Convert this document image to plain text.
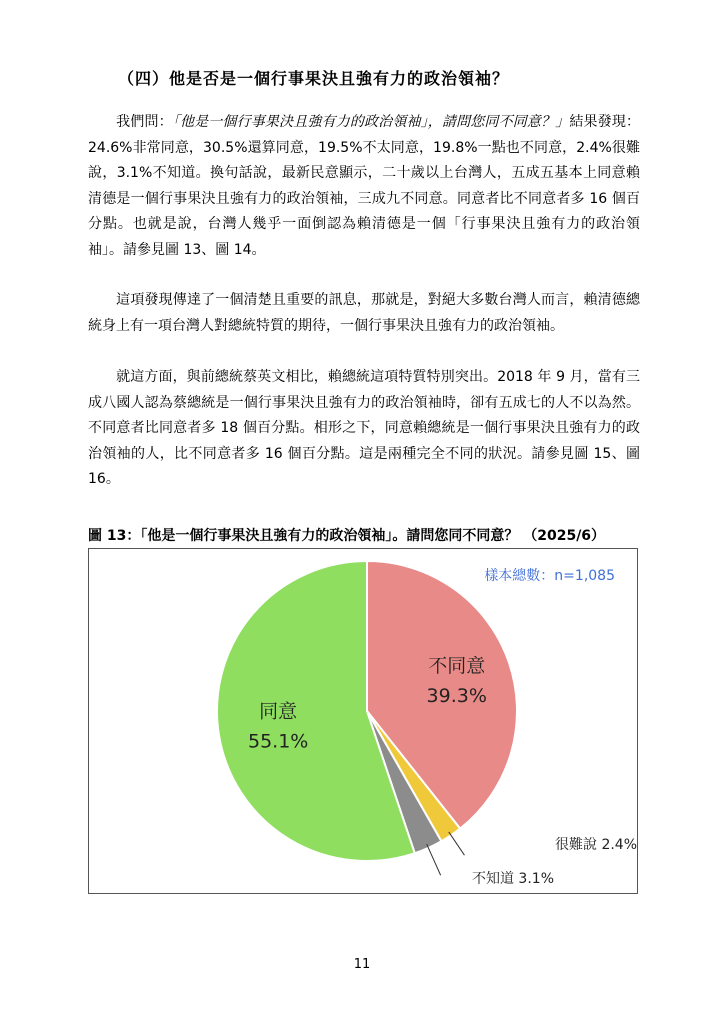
（四）他是否是一個行事果決且強有力的政治領袖？
我們問：「他是一個行事果決且強有力的政治領袖」，請問您同不同意？」結果發現：24.6%非常同意，30.5%還算同意，19.5%不太同意，19.8%一點也不同意，2.4%很難說，3.1%不知道。換句話說，最新民意顯示，二十歲以上台灣人，五成五基本上同意賴清德是一個行事果決且強有力的政治領袖，三成九不同意。同意者比不同意者多 16 個百分點。也就是說，台灣人幾乎一面倒認為賴清德是一個「行事果決且強有力的政治領袖」。請參見圖 13、圖 14。
這項發現傳達了一個清楚且重要的訊息，那就是，對絕大多數台灣人而言，賴清德總統身上有一項台灣人對總統特質的期待，一個行事果決且強有力的政治領袖。
就這方面，與前總統蔡英文相比，賴總統這項特質特別突出。2018 年 9 月，當有三成八國人認為蔡總統是一個行事果決且強有力的政治領袖時，卻有五成七的人不以為然。不同意者比同意者多 18 個百分點。相形之下，同意賴總統是一個行事果決且強有力的政治領袖的人，比不同意者多 16 個百分點。這是兩種完全不同的狀況。請參見圖 15、圖 16。
圖 13：「他是一個行事果決且強有力的政治領袖」。請問您同不同意？ （2025/6）
樣本總數：n=1,085
不同意
39.3%
同意
55.1%
很難說 2.4%
不知道 3.1%
11
